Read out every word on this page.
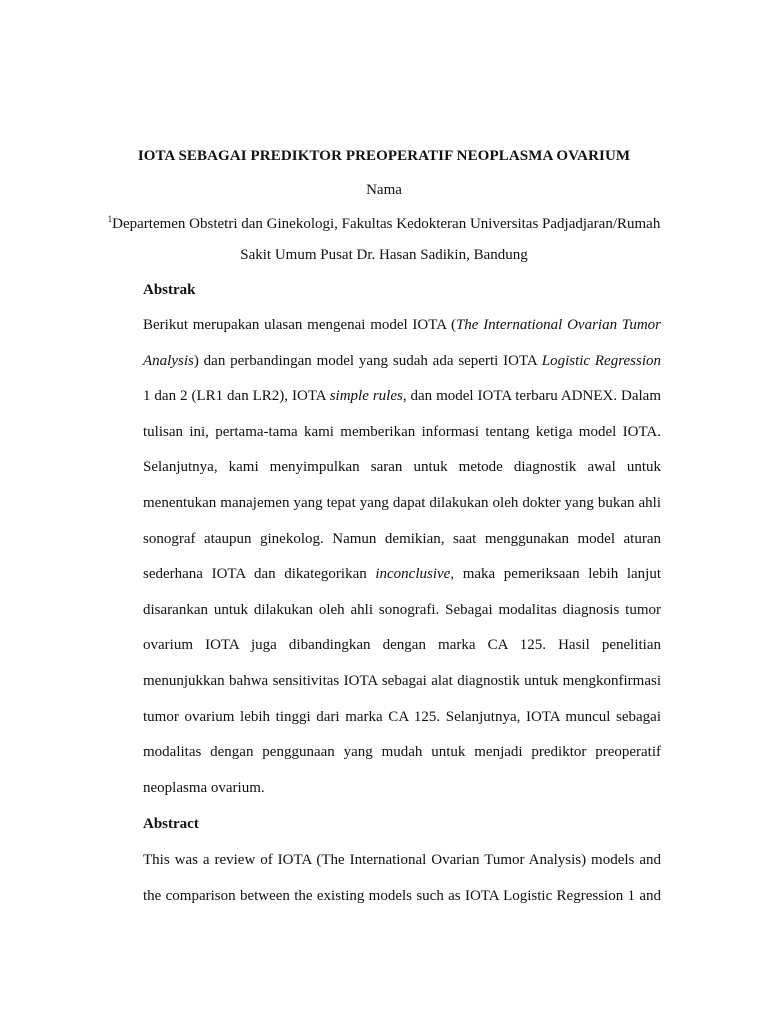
IOTA SEBAGAI PREDIKTOR PREOPERATIF NEOPLASMA OVARIUM
Nama
$^1$Departemen Obstetri dan Ginekologi, Fakultas Kedokteran Universitas Padjadjaran/Rumah
Sakit Umum Pusat Dr. Hasan Sadikin, Bandung
Abstrak
Berikut merupakan ulasan mengenai model IOTA (The International Ovarian Tumor
Analysis) dan perbandingan model yang sudah ada seperti IOTA Logistic Regression
1 dan 2 (LR1 dan LR2), IOTA simple rules, dan model IOTA terbaru ADNEX. Dalam
tulisan ini, pertama-tama kami memberikan informasi tentang ketiga model IOTA.
Selanjutnya, kami menyimpulkan saran untuk metode diagnostik awal untuk
menentukan manajemen yang tepat yang dapat dilakukan oleh dokter yang bukan ahli
sonograf ataupun ginekolog. Namun demikian, saat menggunakan model aturan
sederhana IOTA dan dikategorikan inconclusive, maka pemeriksaan lebih lanjut
disarankan untuk dilakukan oleh ahli sonografi. Sebagai modalitas diagnosis tumor
ovarium IOTA juga dibandingkan dengan marka CA 125. Hasil penelitian
menunjukkan bahwa sensitivitas IOTA sebagai alat diagnostik untuk mengkonfirmasi
tumor ovarium lebih tinggi dari marka CA 125. Selanjutnya, IOTA muncul sebagai
modalitas dengan penggunaan yang mudah untuk menjadi prediktor preoperatif
neoplasma ovarium.
Abstract
This was a review of IOTA (The International Ovarian Tumor Analysis) models and
the comparison between the existing models such as IOTA Logistic Regression 1 and
